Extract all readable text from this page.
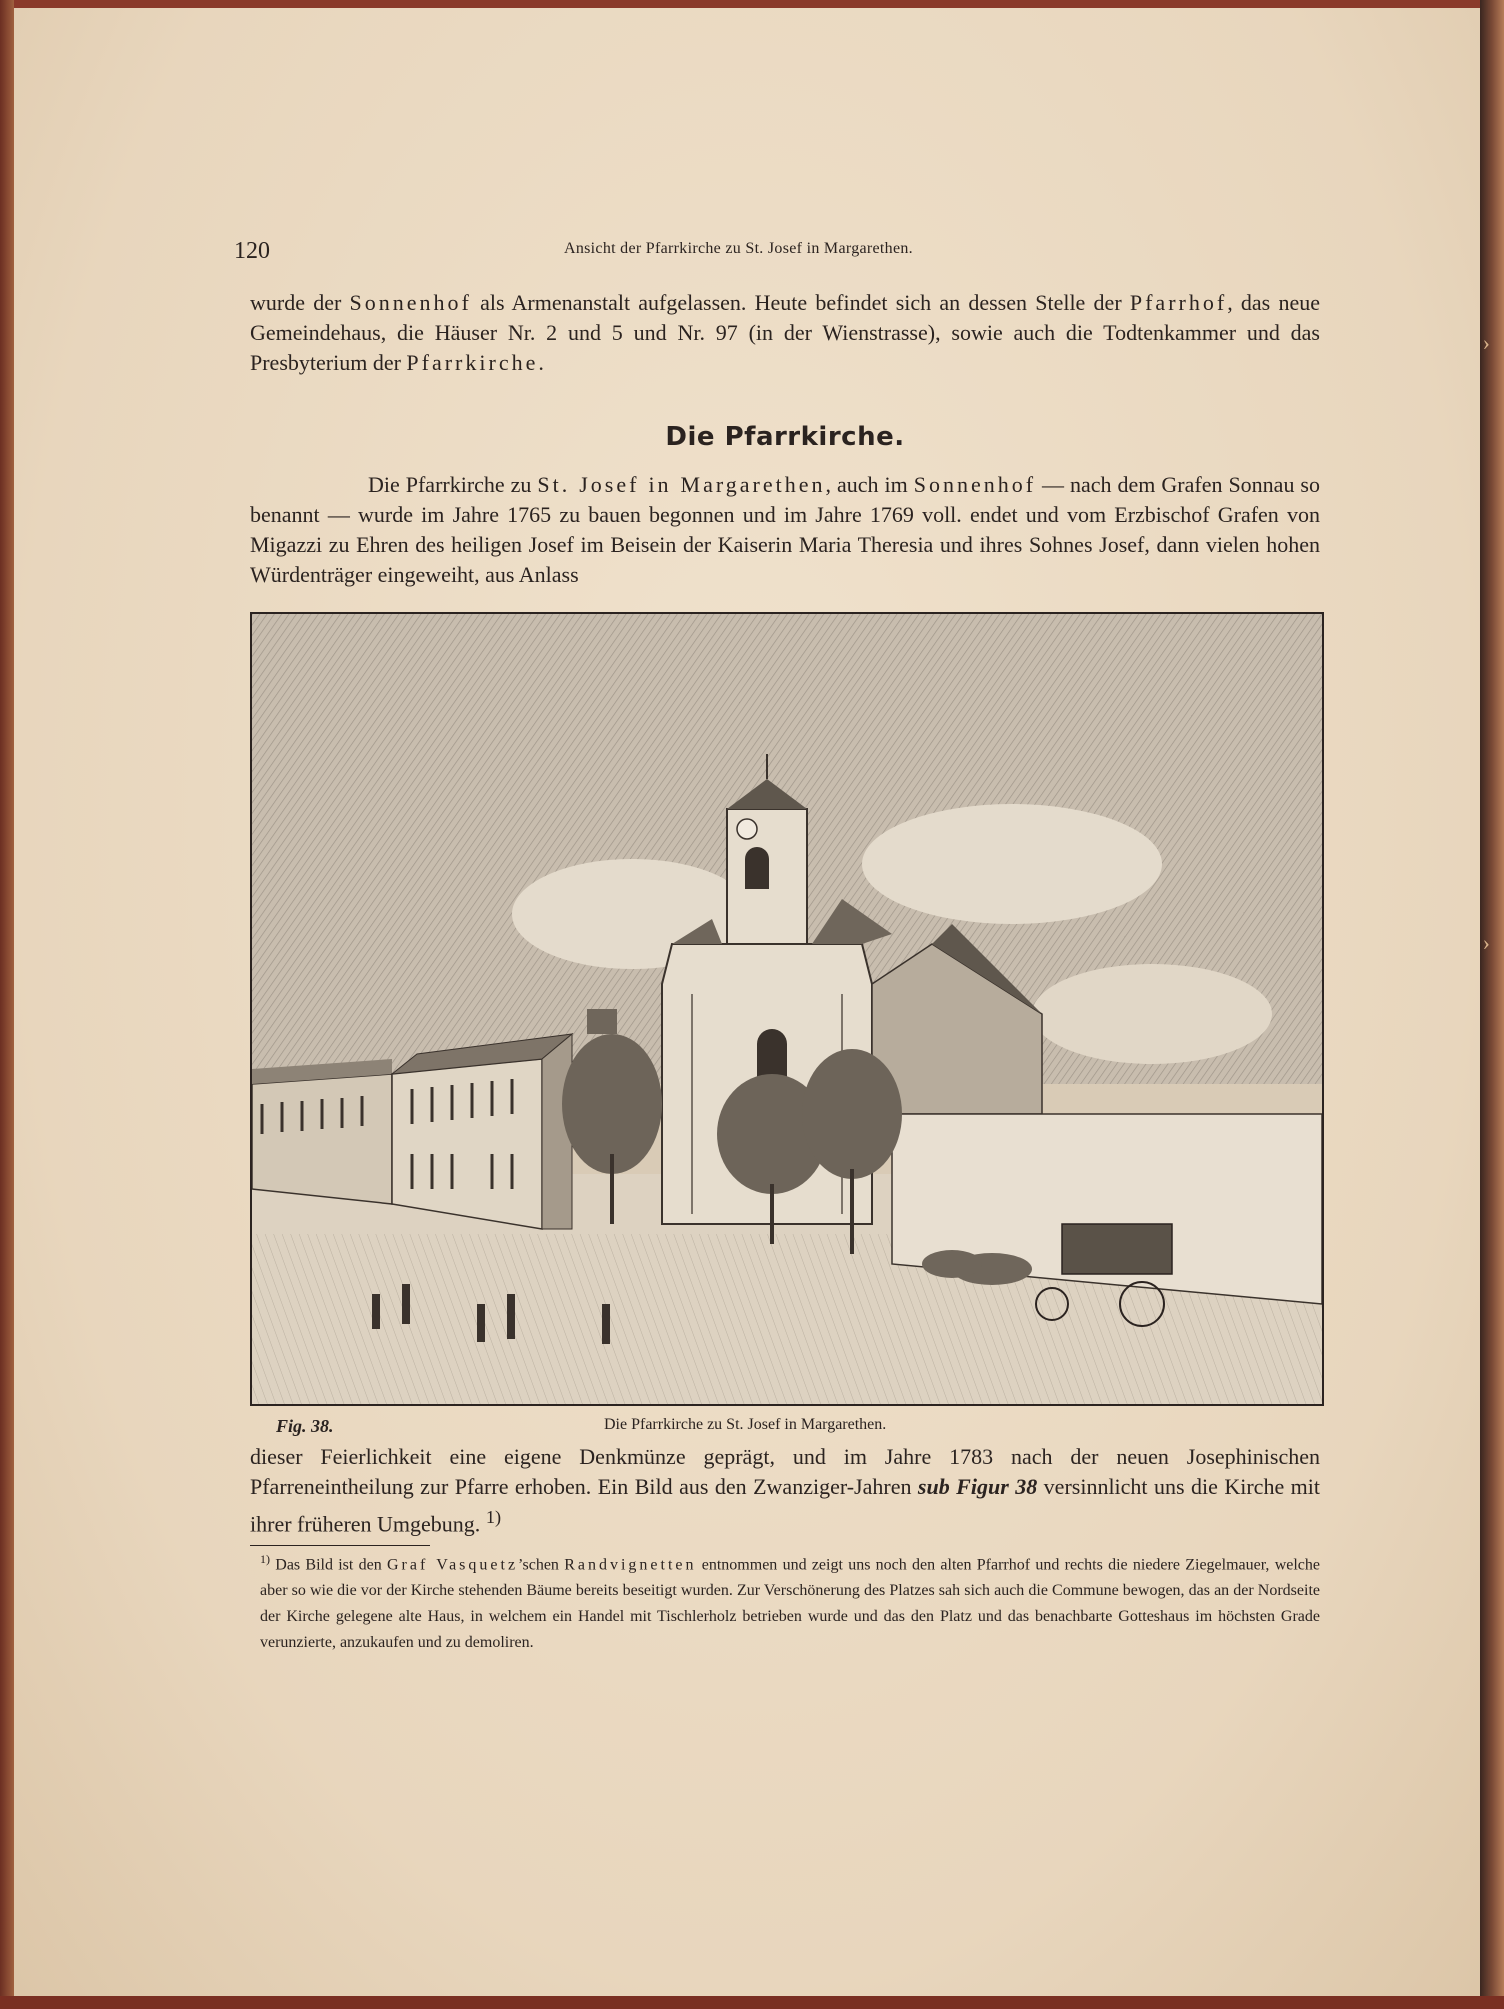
›
›
120	Ansicht der Pfarrkirche zu St. Josef in Margarethen.
wurde der Sonnenhof als Armenanstalt aufgelassen. Heute befindet sich an dessen Stelle der Pfarrhof, das neue Gemeindehaus, die Häuser Nr. 2 und 5 und Nr. 97 (in der Wienstrasse), sowie auch die Todtenkammer und das Presbyterium der Pfarrkirche.
Die Pfarrkirche.
Die Pfarrkirche zu St. Josef in Margarethen, auch im Sonnenhof — nach dem Grafen Sonnau so benannt — wurde im Jahre 1765 zu bauen begonnen und im Jahre 1769 voll. endet und vom Erzbischof Grafen von Migazzi zu Ehren des heiligen Josef im Beisein der Kaiserin Maria Theresia und ihres Sohnes Josef, dann vielen hohen Würdenträger eingeweiht, aus Anlass
Fig. 38.	Die Pfarrkirche zu St. Josef in Margarethen.
dieser Feierlichkeit eine eigene Denkmünze geprägt, und im Jahre 1783 nach der neuen Josephinischen Pfarreneintheilung zur Pfarre erhoben. Ein Bild aus den Zwanziger-Jahren sub Figur 38 versinnlicht uns die Kirche mit ihrer früheren Umgebung. $^{1)}$
$^{1)}$ Das Bild ist den Graf Vasquetz’schen Randvignetten entnommen und zeigt uns noch den alten Pfarrhof und rechts die niedere Ziegelmauer, welche aber so wie die vor der Kirche stehenden Bäume bereits beseitigt wurden. Zur Verschönerung des Platzes sah sich auch die Commune bewogen, das an der Nordseite der Kirche gelegene alte Haus, in welchem ein Handel mit Tischlerholz betrieben wurde und das den Platz und das benachbarte Gotteshaus im höchsten Grade verunzierte, anzukaufen und zu demoliren.
